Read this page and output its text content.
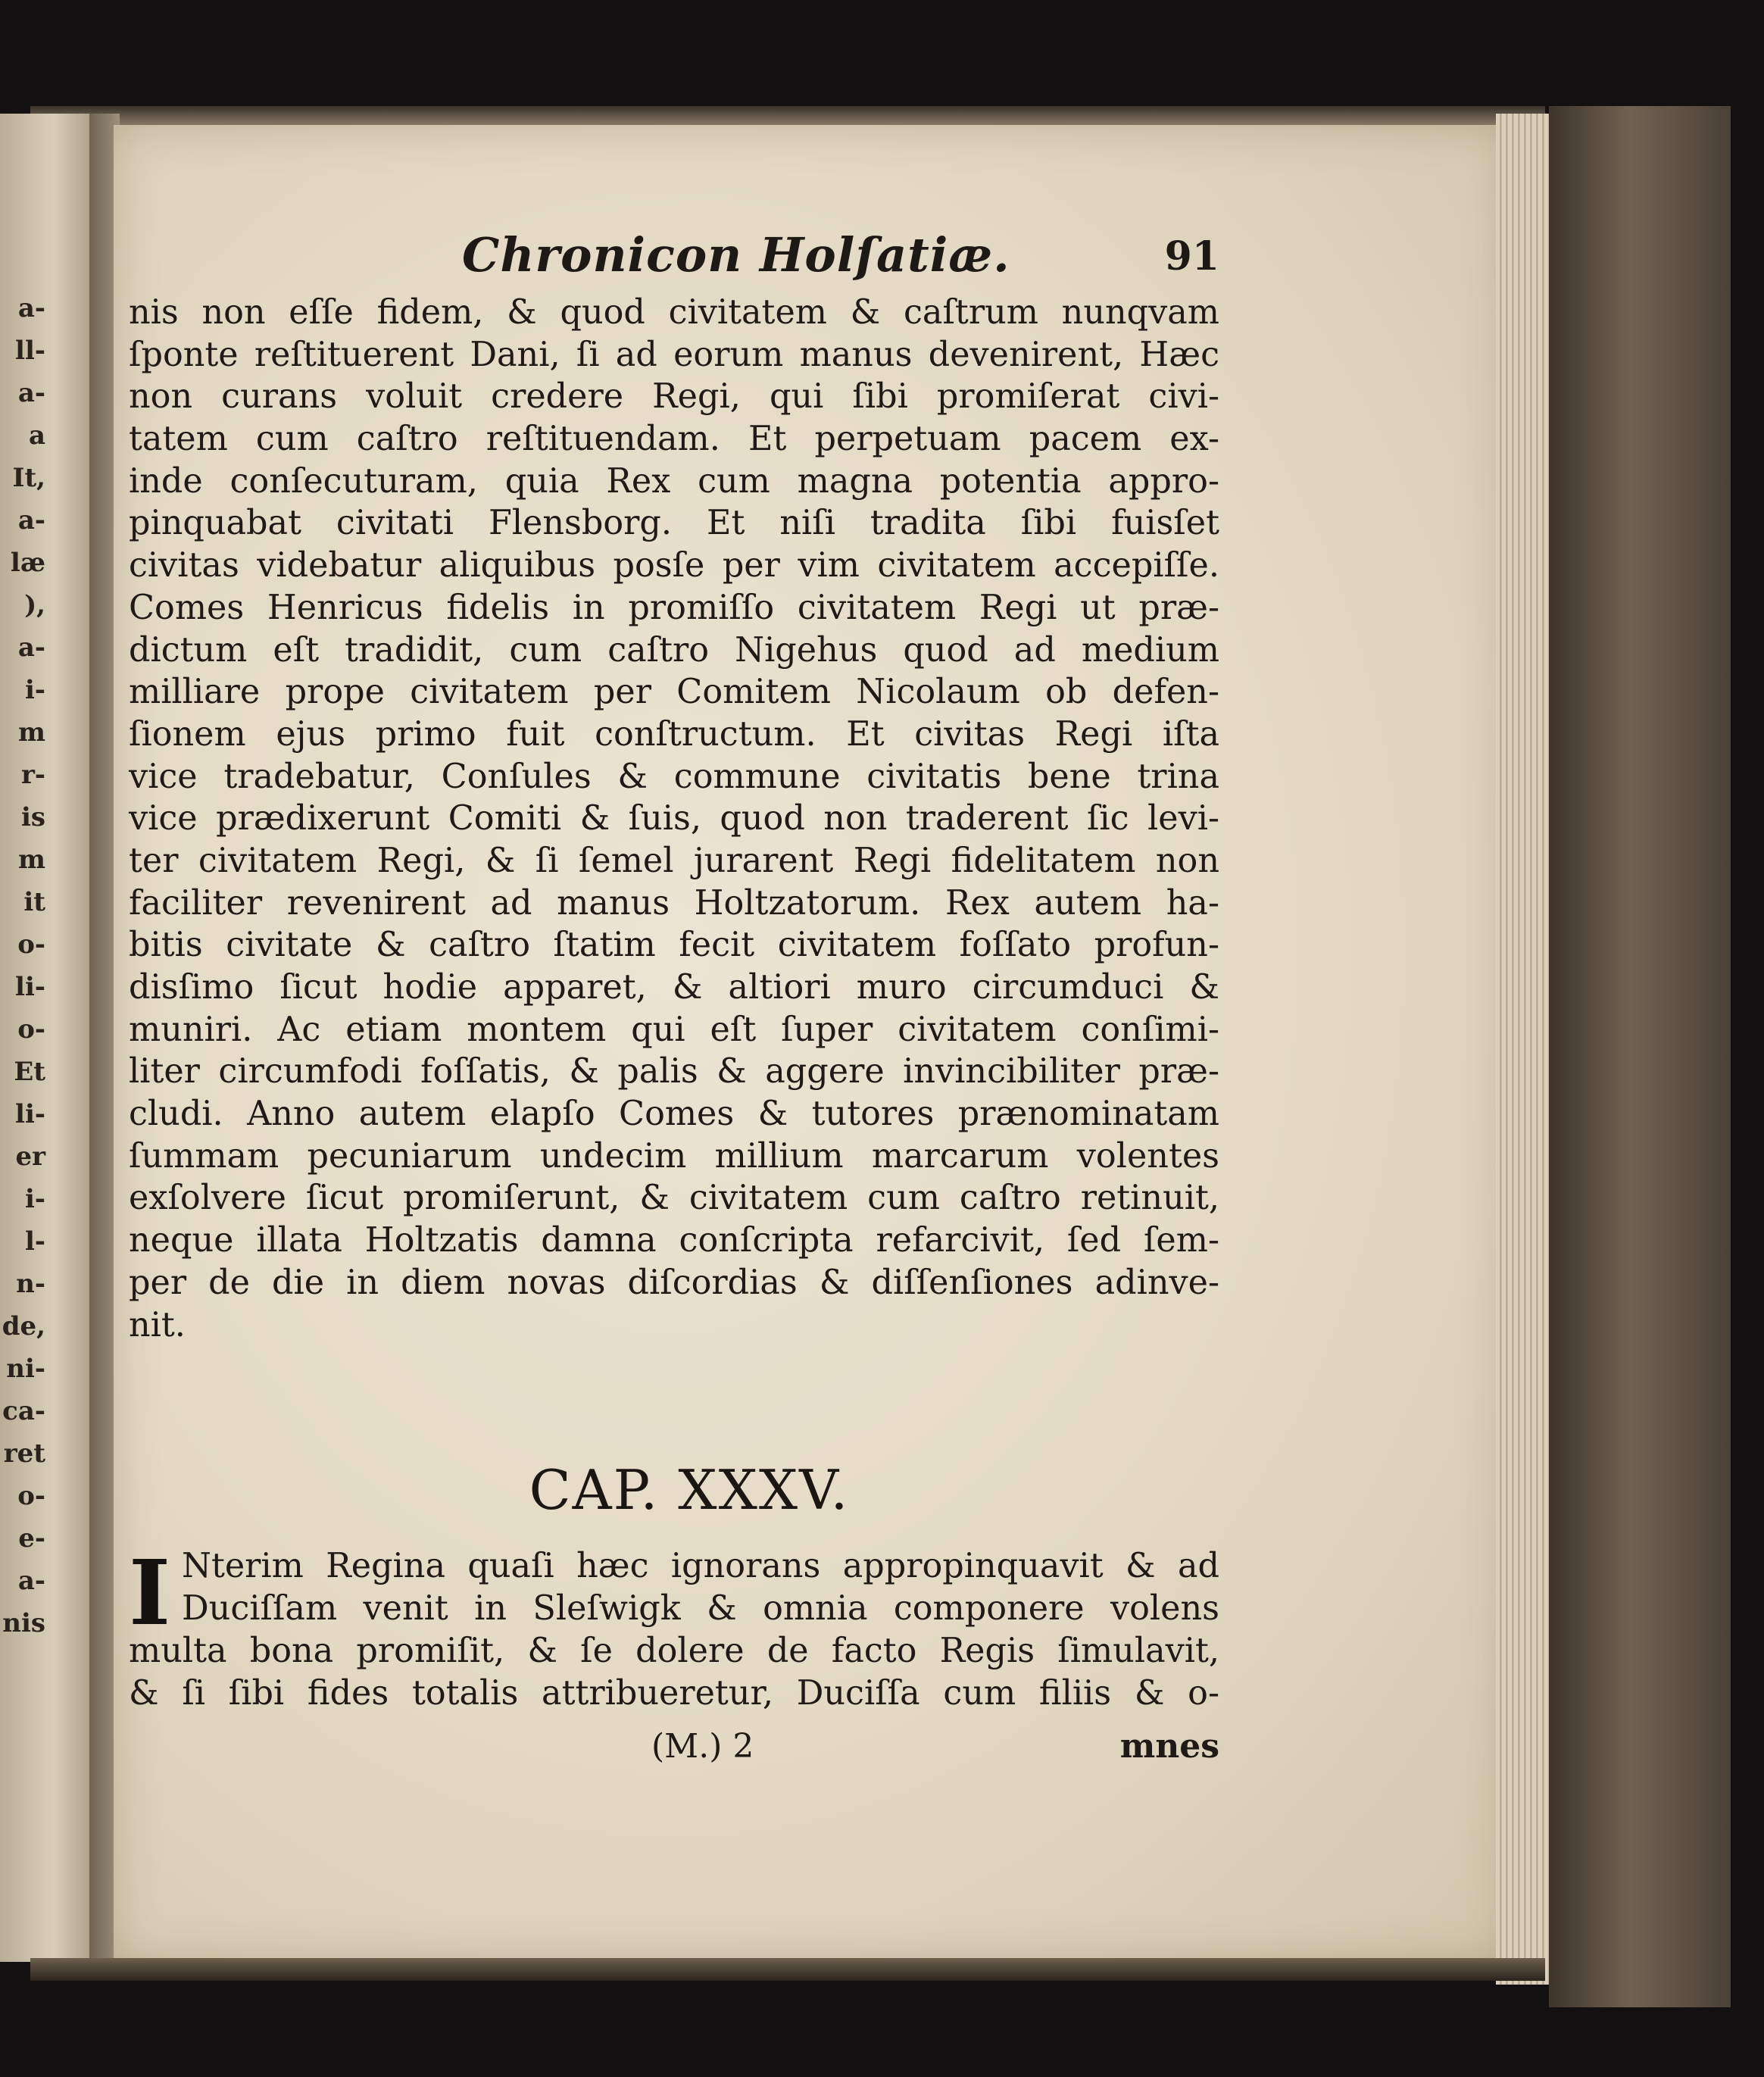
a-
ll-
a-
a
It,
a-
læ
),
a-
i-
m
r-
is
m
it
o-
li-
o-
Et
li-
er
i-
l-
n-
de,
ni-
ca-
ret
o-
e-
a-
nis
Chronicon Holſatiæ.	91
nis non eſſe fidem, & quod civitatem & caſtrum nunqvam
ſponte reſtituerent Dani, ſi ad eorum manus devenirent, Hæc
non curans voluit credere Regi, qui ſibi promiſerat civi-
tatem cum caſtro reſtituendam. Et perpetuam pacem ex-
inde conſecuturam, quia Rex cum magna potentia appro-
pinquabat civitati Flensborg. Et niſi tradita ſibi fuisſet
civitas videbatur aliquibus posſe per vim civitatem accepiſſe.
Comes Henricus fidelis in promiſſo civitatem Regi ut præ-
dictum eſt tradidit, cum caſtro Nigehus quod ad medium
milliare prope civitatem per Comitem Nicolaum ob defen-
ſionem ejus primo fuit conſtructum. Et civitas Regi iſta
vice tradebatur, Conſules & commune civitatis bene trina
vice prædixerunt Comiti & ſuis, quod non traderent ſic levi-
ter civitatem Regi, & ſi ſemel jurarent Regi fidelitatem non
faciliter revenirent ad manus Holtzatorum. Rex autem ha-
bitis civitate & caſtro ſtatim fecit civitatem foſſato profun-
disſimo ſicut hodie apparet, & altiori muro circumduci &
muniri. Ac etiam montem qui eſt ſuper civitatem conſimi-
liter circumfodi foſſatis, & palis & aggere invincibiliter præ-
cludi. Anno autem elapſo Comes & tutores prænominatam
ſummam pecuniarum undecim millium marcarum volentes
exſolvere ſicut promiſerunt, & civitatem cum caſtro retinuit,
neque illata Holtzatis damna conſcripta refarcivit, ſed ſem-
per de die in diem novas diſcordias & diſſenſiones adinve-
nit.
CAP. XXXV.
I Nterim Regina quaſi hæc ignorans appropinquavit & ad
Duciſſam venit in Sleſwigk & omnia componere volens
multa bona promiſit, & ſe dolere de facto Regis ſimulavit,
& ſi ſibi fides totalis attribueretur, Duciſſa cum filiis & o-
(M.) 2	mnes
